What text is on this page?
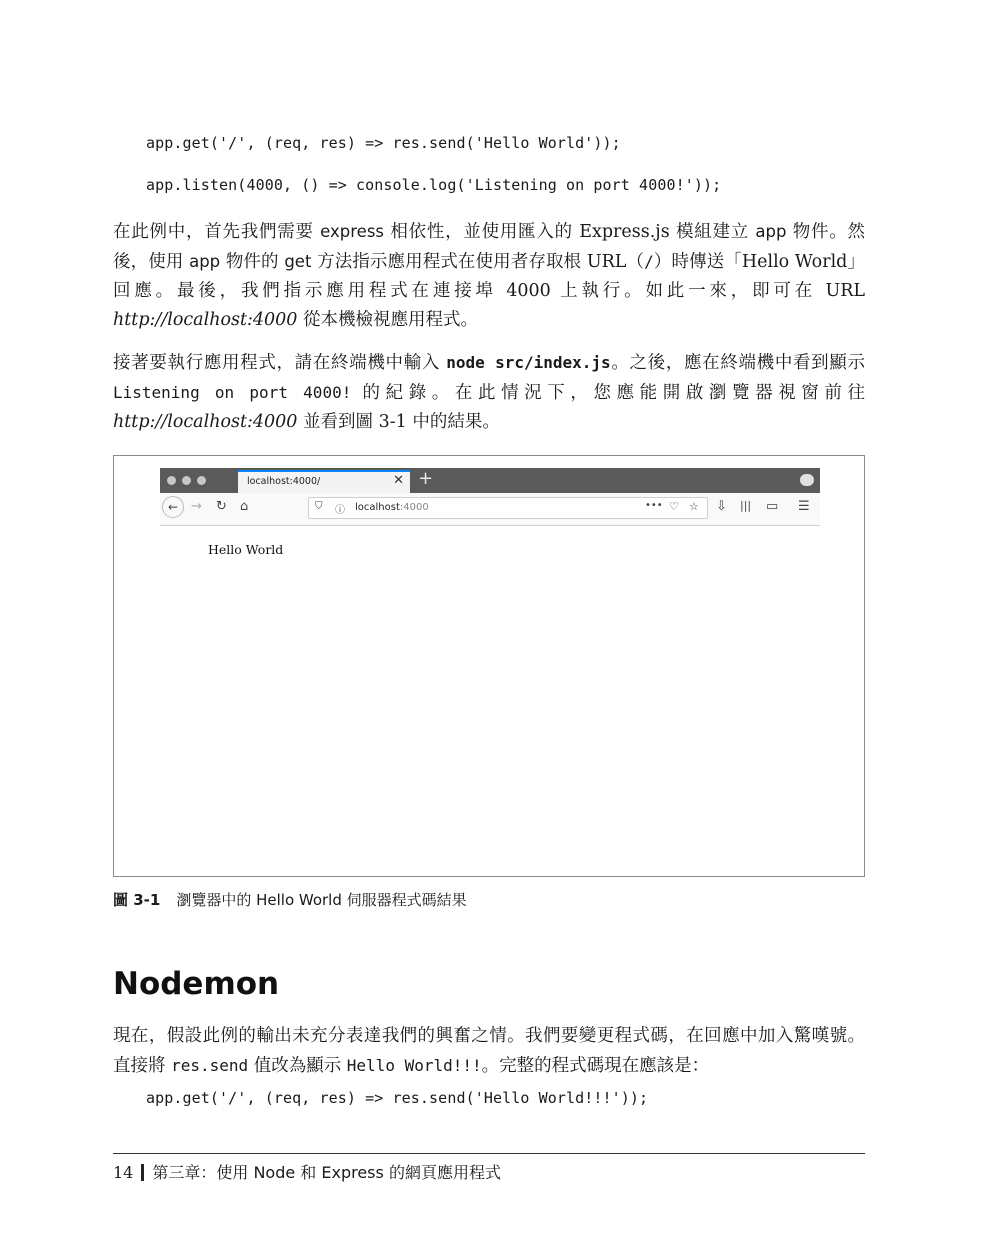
app.get('/', (req, res) => res.send('Hello World'));
app.listen(4000, () => console.log('Listening on port 4000!'));
在此例中，首先我們需要 express 相依性，並使用匯入的 Express.js 模組建立 app 物件。然後，使用 app 物件的 get 方法指示應用程式在使用者存取根 URL（/）時傳送「Hello World」回應。最後，我們指示應用程式在連接埠 4000 上執行。如此一來，即可在 URL http://localhost:4000 從本機檢視應用程式。
接著要執行應用程式，請在終端機中輸入 node src/index.js。之後，應在終端機中看到顯示 Listening on port 4000! 的紀錄。在此情況下，您應能開啟瀏覽器視窗前往 http://localhost:4000 並看到圖 3-1 中的結果。
localhost:4000/	✕ +
← → ↻ ⌂	⛉ ⓘ localhost:4000	••• ♡ ☆ ⇩ ||| ▭ ☰
Hello World
圖 3-1 瀏覽器中的 Hello World 伺服器程式碼結果
Nodemon
現在，假設此例的輸出未充分表達我們的興奮之情。我們要變更程式碼，在回應中加入驚嘆號。直接將 res.send 值改為顯示 Hello World!!!。完整的程式碼現在應該是：
app.get('/', (req, res) => res.send('Hello World!!!'));
14 第三章：使用 Node 和 Express 的網頁應用程式
